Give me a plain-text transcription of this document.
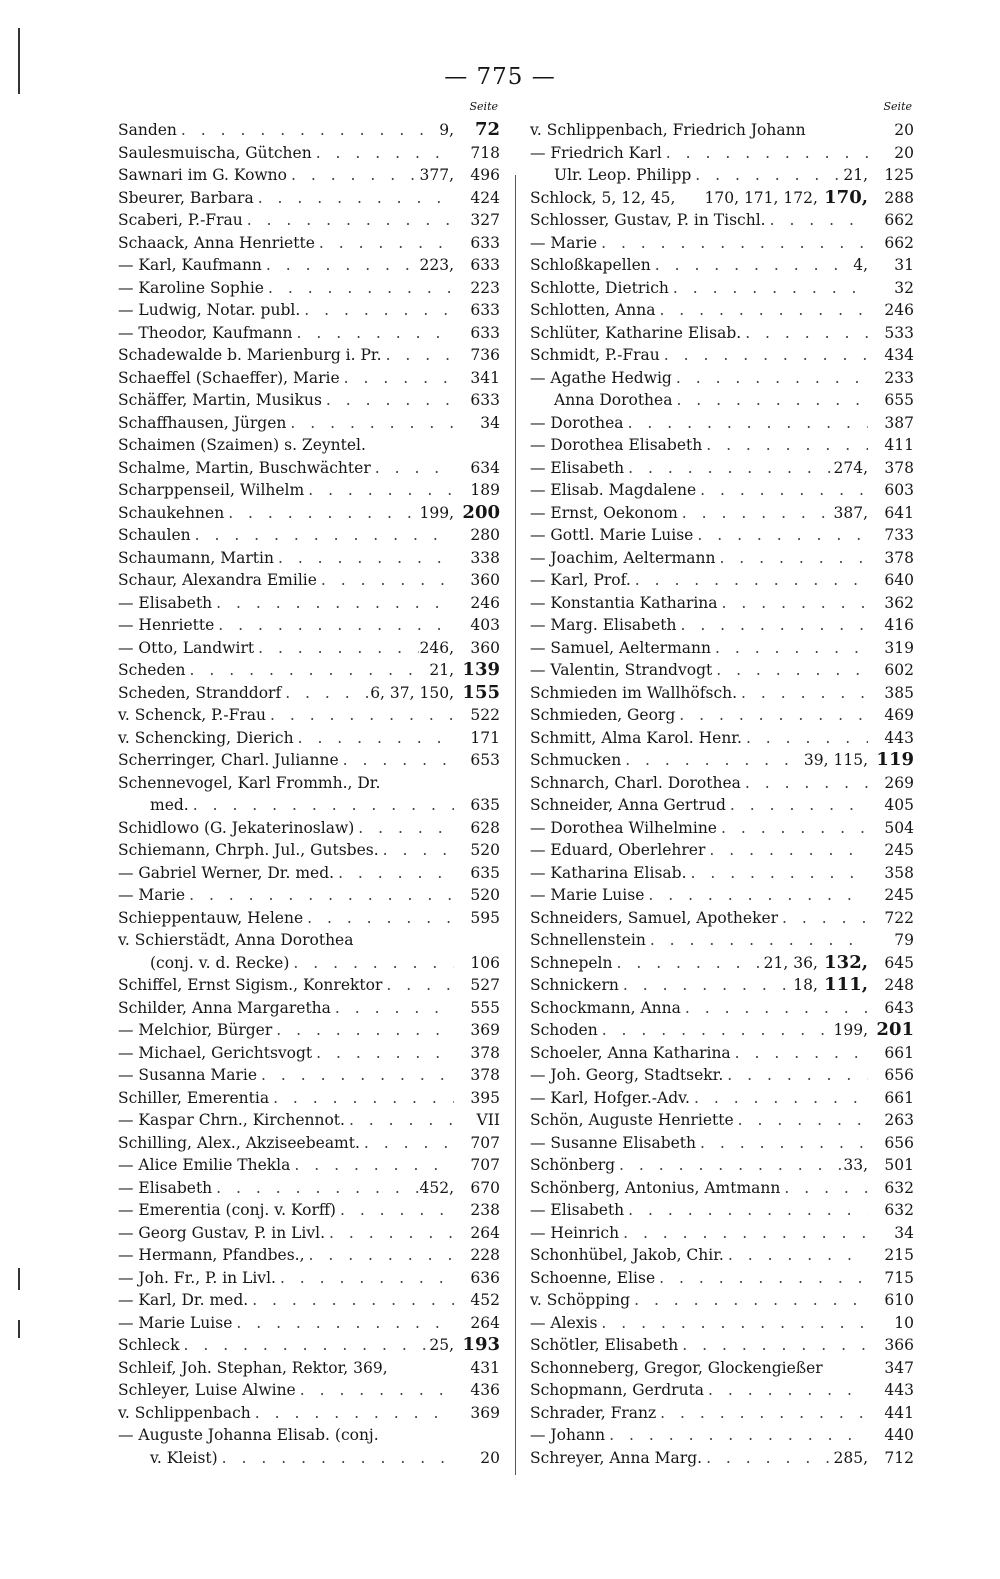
— 775 —
Seite
Sanden . . .	9,	72
Saulesmuischa, Gütchen . . .	718
Sawnari im G. Kowno . . .	377,	496
Sbeurer, Barbara . . .	424
Scaberi, P.-Frau . . .	327
Schaack, Anna Henriette . . .	633
— Karl, Kaufmann . . .	223,	633
— Karoline Sophie . . .	223
— Ludwig, Notar. publ. . . .	633
— Theodor, Kaufmann . . .	633
Schadewalde b. Marienburg i. Pr. . . .	736
Schaeffel (Schaeffer), Marie . . .	341
Schäffer, Martin, Musikus . . .	633
Schaffhausen, Jürgen . . .	34
Schaimen (Szaimen) s. Zeyntel.
Schalme, Martin, Buschwächter . . .	634
Scharppenseil, Wilhelm . . .	189
Schaukehnen . . .	199, 200
Schaulen . . .	280
Schaumann, Martin . . .	338
Schaur, Alexandra Emilie . . .	360
— Elisabeth . . .	246
— Henriette . . .	403
— Otto, Landwirt . . .	246,	360
Scheden . . .	21, 139
Scheden, Stranddorf . . .	6, 37, 150, 155
v. Schenck, P.-Frau . . .	522
v. Schencking, Dierich . . .	171
Scherringer, Charl. Julianne . . .	653
Schennevogel, Karl Frommh., Dr.
med. . . .	635
Schidlowo (G. Jekaterinoslaw) . . .	628
Schiemann, Chrph. Jul., Gutsbes. . . .	520
— Gabriel Werner, Dr. med. . . .	635
— Marie . . .	520
Schieppentauw, Helene . . .	595
v. Schierstädt, Anna Dorothea
(conj. v. d. Recke) . . .	106
Schiffel, Ernst Sigism., Konrektor . . .	527
Schilder, Anna Margaretha . . .	555
— Melchior, Bürger . . .	369
— Michael, Gerichtsvogt . . .	378
— Susanna Marie . . .	378
Schiller, Emerentia . . .	395
— Kaspar Chrn., Kirchennot. . . .	VII
Schilling, Alex., Akziseebeamt. . . .	707
— Alice Emilie Thekla . . .	707
— Elisabeth . . .	452,	670
— Emerentia (conj. v. Korff) . . .	238
— Georg Gustav, P. in Livl. . . .	264
— Hermann, Pfandbes., . . .	228
— Joh. Fr., P. in Livl. . . .	636
— Karl, Dr. med. . . .	452
— Marie Luise . . .	264
Schleck . . .	25, 193
Schleif, Joh. Stephan, Rektor, 369,	431
Schleyer, Luise Alwine . . .	436
v. Schlippenbach . . .	369
— Auguste Johanna Elisab. (conj.
v. Kleist) . . .	20
Seite
v. Schlippenbach, Friedrich Johann	20
— Friedrich Karl . . .	20
Ulr. Leop. Philipp . . .	21,	125
Schlock, 5, 12, 45, 170, 171, 172, 170,	288
Schlosser, Gustav, P. in Tischl. . . .	662
— Marie . . .	662
Schloßkapellen . . .	4,	31
Schlotte, Dietrich . . .	32
Schlotten, Anna . . .	246
Schlüter, Katharine Elisab. . . .	533
Schmidt, P.-Frau . . .	434
— Agathe Hedwig . . .	233
Anna Dorothea . . .	655
— Dorothea . . .	387
— Dorothea Elisabeth . . .	411
— Elisabeth . . .	274,	378
— Elisab. Magdalene . . .	603
— Ernst, Oekonom . . .	387,	641
— Gottl. Marie Luise . . .	733
— Joachim, Aeltermann . . .	378
— Karl, Prof. . . .	640
— Konstantia Katharina . . .	362
— Marg. Elisabeth . . .	416
— Samuel, Aeltermann . . .	319
— Valentin, Strandvogt . . .	602
Schmieden im Wallhöfsch. . . .	385
Schmieden, Georg . . .	469
Schmitt, Alma Karol. Henr. . . .	443
Schmucken . . .	39, 115, 119
Schnarch, Charl. Dorothea . . .	269
Schneider, Anna Gertrud . . .	405
— Dorothea Wilhelmine . . .	504
— Eduard, Oberlehrer . . .	245
— Katharina Elisab. . . .	358
— Marie Luise . . .	245
Schneiders, Samuel, Apotheker . . .	722
Schnellenstein . . .	79
Schnepeln . . .	21, 36, 132,	645
Schnickern . . .	18, 111,	248
Schockmann, Anna . . .	643
Schoden . . .	199, 201
Schoeler, Anna Katharina . . .	661
— Joh. Georg, Stadtsekr. . . .	656
— Karl, Hofger.-Adv. . . .	661
Schön, Auguste Henriette . . .	263
— Susanne Elisabeth . . .	656
Schönberg . . .	33,	501
Schönberg, Antonius, Amtmann . . .	632
— Elisabeth . . .	632
— Heinrich . . .	34
Schonhübel, Jakob, Chir. . . .	215
Schoenne, Elise . . .	715
v. Schöpping . . .	610
— Alexis . . .	10
Schötler, Elisabeth . . .	366
Schonneberg, Gregor, Glockengießer	347
Schopmann, Gerdruta . . .	443
Schrader, Franz . . .	441
— Johann . . .	440
Schreyer, Anna Marg. . . .	285,	712
